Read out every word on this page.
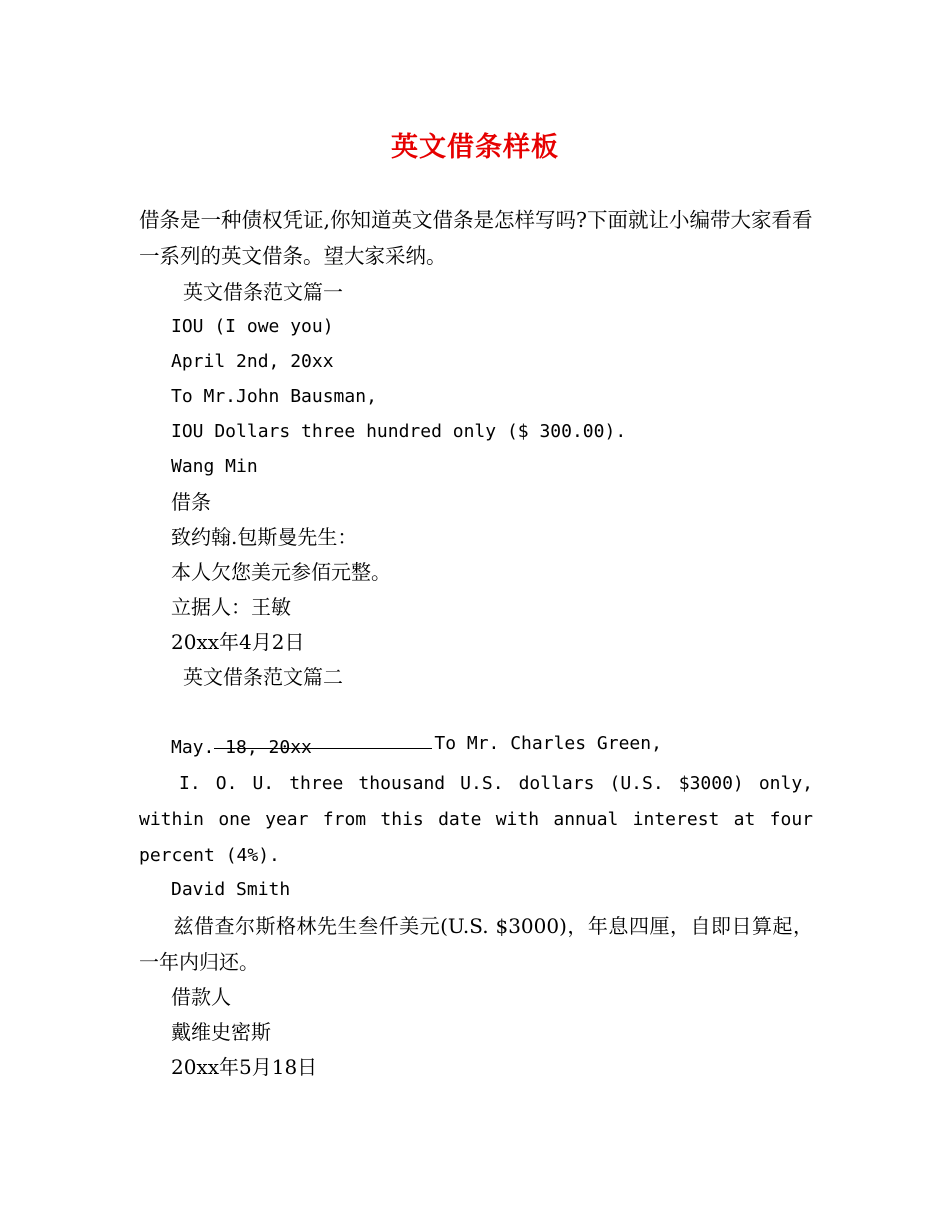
英文借条样板
借条是一种债权凭证,你知道英文借条是怎样写吗?下面就让小编带大家看看一系列的英文借条。望大家采纳。
英文借条范文篇一
IOU (I owe you)
April 2nd, 20xx
To Mr.John Bausman,
IOU Dollars three hundred only ($ 300.00).
Wang Min
借条
致约翰.包斯曼先生：
本人欠您美元参佰元整。
立据人：王敏
20xx年4月2日
英文借条范文篇二

To Mr. Charles Green,

May. 18, 20xx
I. O. U. three thousand U.S. dollars (U.S. $3000) only, within one year from this date with annual interest at four percent (4%).
David Smith
兹借查尔斯格林先生叁仟美元(U.S. $3000)，年息四厘，自即日算起，一年内归还。
借款人
戴维史密斯
20xx年5月18日
